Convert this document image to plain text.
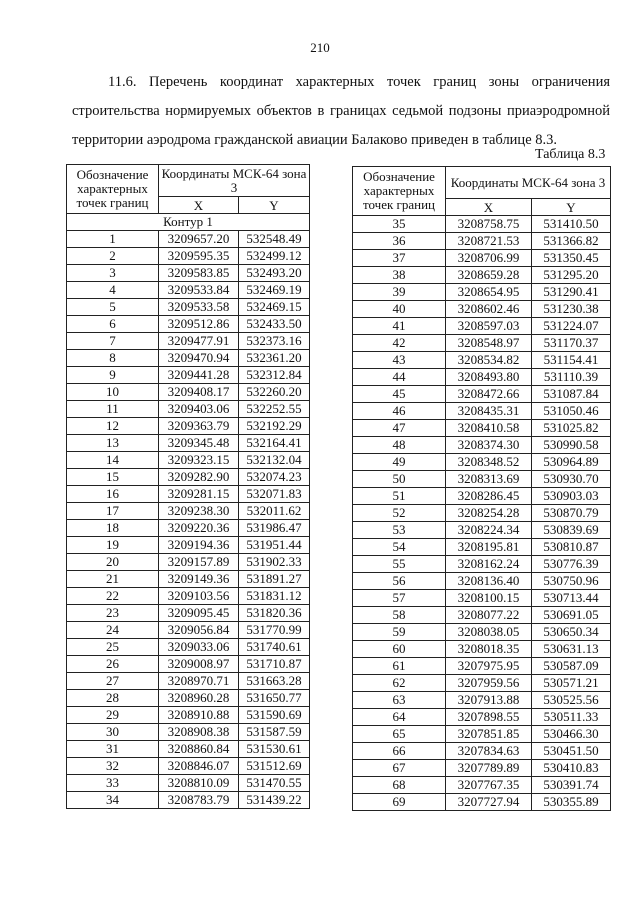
210
11.6. Перечень координат характерных точек границ зоны ограничения строительства нормируемых объектов в границах седьмой подзоны приаэродромной территории аэродрома гражданской авиации Балаково приведен в таблице 8.3.
Таблица 8.3
Обозначение характерных точек границ	Координаты МСК-64 зона 3	
	X	Y
Контур 1		
1	3209657.20	532548.49
2	3209595.35	532499.12
3	3209583.85	532493.20
4	3209533.84	532469.19
5	3209533.58	532469.15
6	3209512.86	532433.50
7	3209477.91	532373.16
8	3209470.94	532361.20
9	3209441.28	532312.84
10	3209408.17	532260.20
11	3209403.06	532252.55
12	3209363.79	532192.29
13	3209345.48	532164.41
14	3209323.15	532132.04
15	3209282.90	532074.23
16	3209281.15	532071.83
17	3209238.30	532011.62
18	3209220.36	531986.47
19	3209194.36	531951.44
20	3209157.89	531902.33
21	3209149.36	531891.27
22	3209103.56	531831.12
23	3209095.45	531820.36
24	3209056.84	531770.99
25	3209033.06	531740.61
26	3209008.97	531710.87
27	3208970.71	531663.28
28	3208960.28	531650.77
29	3208910.88	531590.69
30	3208908.38	531587.59
31	3208860.84	531530.61
32	3208846.07	531512.69
33	3208810.09	531470.55
34	3208783.79	531439.22
Обозначение характерных точек границ	Координаты МСК-64 зона 3	
	X	Y
35	3208758.75	531410.50
36	3208721.53	531366.82
37	3208706.99	531350.45
38	3208659.28	531295.20
39	3208654.95	531290.41
40	3208602.46	531230.38
41	3208597.03	531224.07
42	3208548.97	531170.37
43	3208534.82	531154.41
44	3208493.80	531110.39
45	3208472.66	531087.84
46	3208435.31	531050.46
47	3208410.58	531025.82
48	3208374.30	530990.58
49	3208348.52	530964.89
50	3208313.69	530930.70
51	3208286.45	530903.03
52	3208254.28	530870.79
53	3208224.34	530839.69
54	3208195.81	530810.87
55	3208162.24	530776.39
56	3208136.40	530750.96
57	3208100.15	530713.44
58	3208077.22	530691.05
59	3208038.05	530650.34
60	3208018.35	530631.13
61	3207975.95	530587.09
62	3207959.56	530571.21
63	3207913.88	530525.56
64	3207898.55	530511.33
65	3207851.85	530466.30
66	3207834.63	530451.50
67	3207789.89	530410.83
68	3207767.35	530391.74
69	3207727.94	530355.89
